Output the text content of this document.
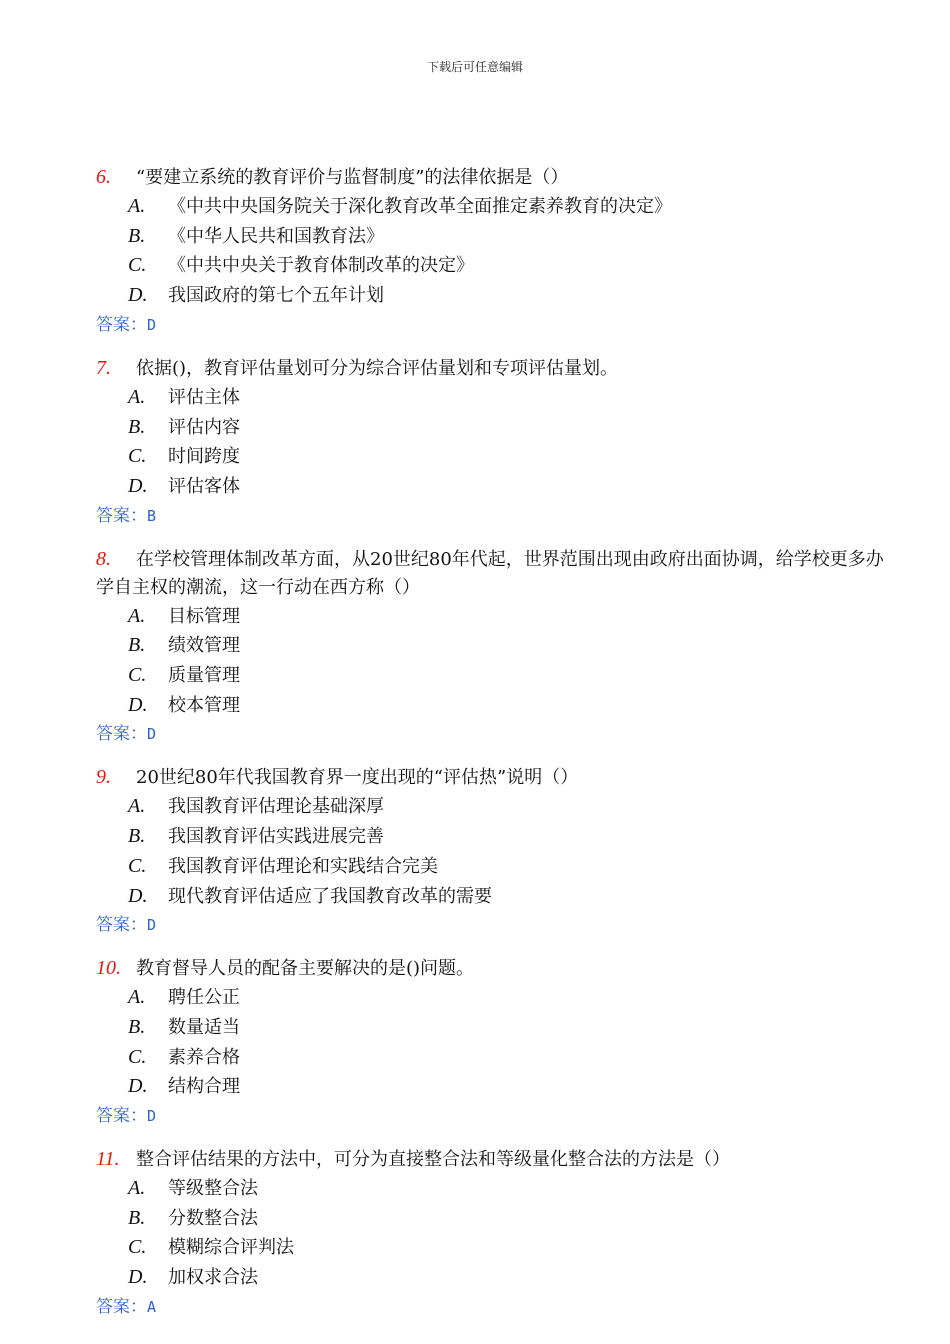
下载后可任意编辑
6. “要建立系统的教育评价与监督制度”的法律依据是（）
A. 《中共中央国务院关于深化教育改革全面推定素养教育的决定》
B. 《中华人民共和国教育法》
C. 《中共中央关于教育体制改革的决定》
D. 我国政府的第七个五年计划
答案：D
7. 依据()，教育评估量划可分为综合评估量划和专项评估量划。
A. 评估主体
B. 评估内容
C. 时间跨度
D. 评估客体
答案：B
8. 在学校管理体制改革方面，从20世纪80年代起，世界范围出现由政府出面协调，给学校更多办学自主权的潮流，这一行动在西方称（）
A. 目标管理
B. 绩效管理
C. 质量管理
D. 校本管理
答案：D
9. 20世纪80年代我国教育界一度出现的“评估热”说明（）
A. 我国教育评估理论基础深厚
B. 我国教育评估实践进展完善
C. 我国教育评估理论和实践结合完美
D. 现代教育评估适应了我国教育改革的需要
答案：D
10. 教育督导人员的配备主要解决的是()问题。
A. 聘任公正
B. 数量适当
C. 素养合格
D. 结构合理
答案：D
11. 整合评估结果的方法中，可分为直接整合法和等级量化整合法的方法是（）
A. 等级整合法
B. 分数整合法
C. 模糊综合评判法
D. 加权求合法
答案：A
